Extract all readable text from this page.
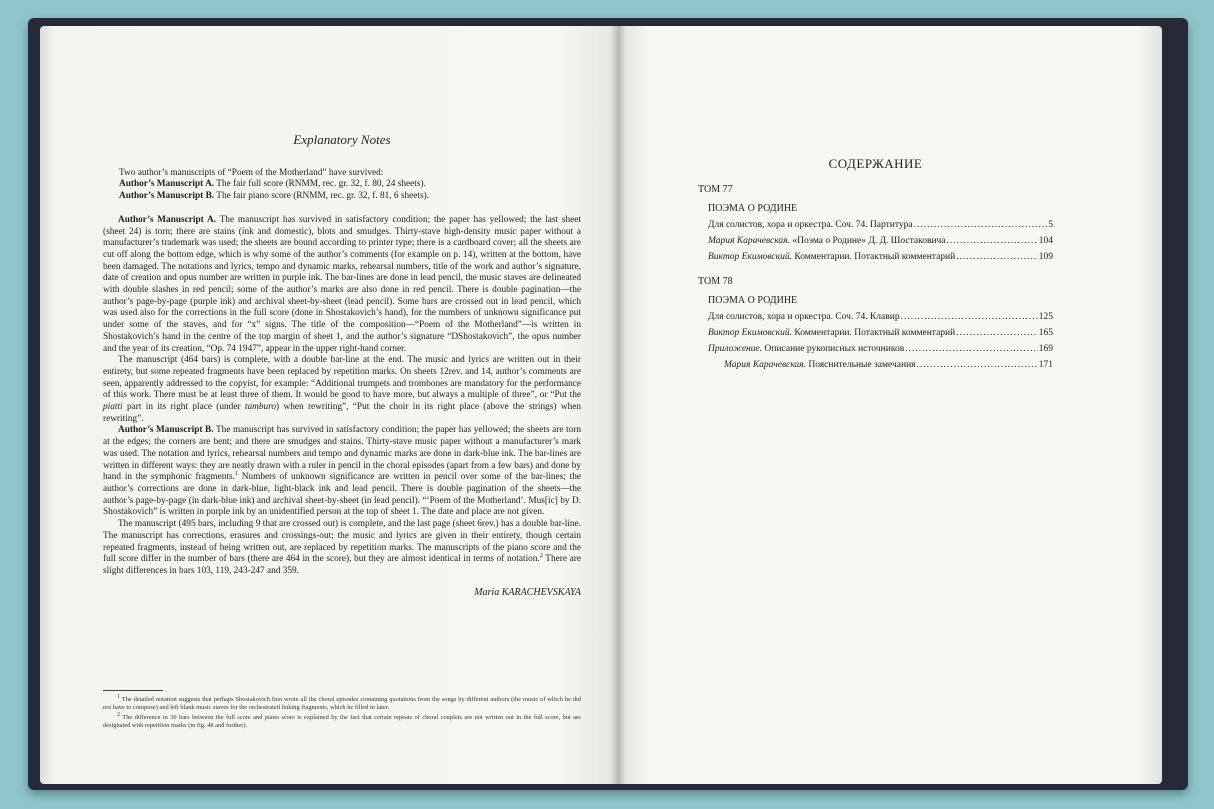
Explanatory Notes
Two author’s manuscripts of “Poem of the Motherland” have survived:
Author’s Manuscript A. The fair full score (RNMM, rec. gr. 32, f. 80, 24 sheets).
Author’s Manuscript B. The fair piano score (RNMM, rec. gr. 32, f. 81, 6 sheets).

Author’s Manuscript A. The manuscript has survived in satisfactory condition; the paper has yellowed; the last sheet (sheet 24) is torn; there are stains (ink and domestic), blots and smudges. Thirty-stave high-density music paper without a manufacturer’s trademark was used; the sheets are bound according to printer type; there is a cardboard cover; all the sheets are cut off along the bottom edge, which is why some of the author’s comments (for example on p. 14), written at the bottom, have been damaged. The notations and lyrics, tempo and dynamic marks, rehearsal numbers, title of the work and author’s signature, date of creation and opus number are written in purple ink. The bar-lines are done in lead pencil, the music staves are delineated with double slashes in red pencil; some of the author’s marks are also done in red pencil. There is double pagination—the author’s page-by-page (purple ink) and archival sheet-by-sheet (lead pencil). Some bars are crossed out in lead pencil, which was used also for the corrections in the full score (done in Shostakovich’s hand), for the numbers of unknown significance put under some of the staves, and for “x” signs. The title of the composition—“Poem of the Motherland”—is written in Shostakovich’s hand in the centre of the top margin of sheet 1, and the author’s signature “DShostakovich”, the opus number and the year of its creation, “Op. 74 1947”, appear in the upper right-hand corner.

The manuscript (464 bars) is complete, with a double bar-line at the end. The music and lyrics are written out in their entirety, but some repeated fragments have been replaced by repetition marks. On sheets 12rev. and 14, author’s comments are seen, apparently addressed to the copyist, for example: “Additional trumpets and trombones are mandatory for the performance of this work. There must be at least three of them. It would be good to have more, but always a multiple of three”, or “Put the piatti part in its right place (under tamburo) when rewriting”, “Put the choir in its right place (above the strings) when rewriting”.

Author’s Manuscript B. The manuscript has survived in satisfactory condition; the paper has yellowed; the sheets are torn at the edges; the corners are bent; and there are smudges and stains. Thirty-stave music paper without a manufacturer’s mark was used. The notation and lyrics, rehearsal numbers and tempo and dynamic marks are done in dark-blue ink. The bar-lines are written in different ways: they are neatly drawn with a ruler in pencil in the choral episodes (apart from a few bars) and done by hand in the symphonic fragments.$^1$ Numbers of unknown significance are written in pencil over some of the bar-lines; the author’s corrections are done in dark-blue, light-black ink and lead pencil. There is double pagination of the sheets—the author’s page-by-page (in dark-blue ink) and archival sheet-by-sheet (in lead pencil). “‘Poem of the Motherland’. Mus[ic] by D. Shostakovich” is written in purple ink by an unidentified person at the top of sheet 1. The date and place are not given.

The manuscript (495 bars, including 9 that are crossed out) is complete, and the last page (sheet 6rev.) has a double bar-line. The manuscript has corrections, erasures and crossings-out; the music and lyrics are given in their entirety, though certain repeated fragments, instead of being written out, are replaced by repetition marks. The manuscripts of the piano score and the full score differ in the number of bars (there are 464 in the score), but they are almost identical in terms of notation.$^2$ There are slight differences in bars 103, 119, 243-247 and 359.

Maria KARACHEVSKAYA

$^1$ The detailed notation suggests that perhaps Shostakovich first wrote all the choral episodes containing quotations from the songs by different authors (the music of which he did not have to compose) and left blank music staves for the orchestrated linking fragments, which he filled in later.

$^2$ The difference in 30 bars between the full score and piano score is explained by the fact that certain repeats of choral couplets are not written out in the full score, but are designated with repetition marks (in fig. 48 and further).

СОДЕРЖАНИЕ
ТОМ 77
ПОЭМА О РОДИНЕ
Для солистов, хора и оркестра. Соч. 74. Партитура .....	5
Мария Карачевская. «Поэма о Родине» Д. Д. Шостаковича .....	104
Виктор Екимовский. Комментарии. Потактный комментарий .....	109
ТОМ 78
ПОЭМА О РОДИНЕ
Для солистов, хора и оркестра. Соч. 74. Клавир .....	125
Виктор Екимовский. Комментарии. Потактный комментарий .....	165
Приложение. Описание рукописных источников .....	169
Мария Карачевская. Пояснительные замечания .....	171
